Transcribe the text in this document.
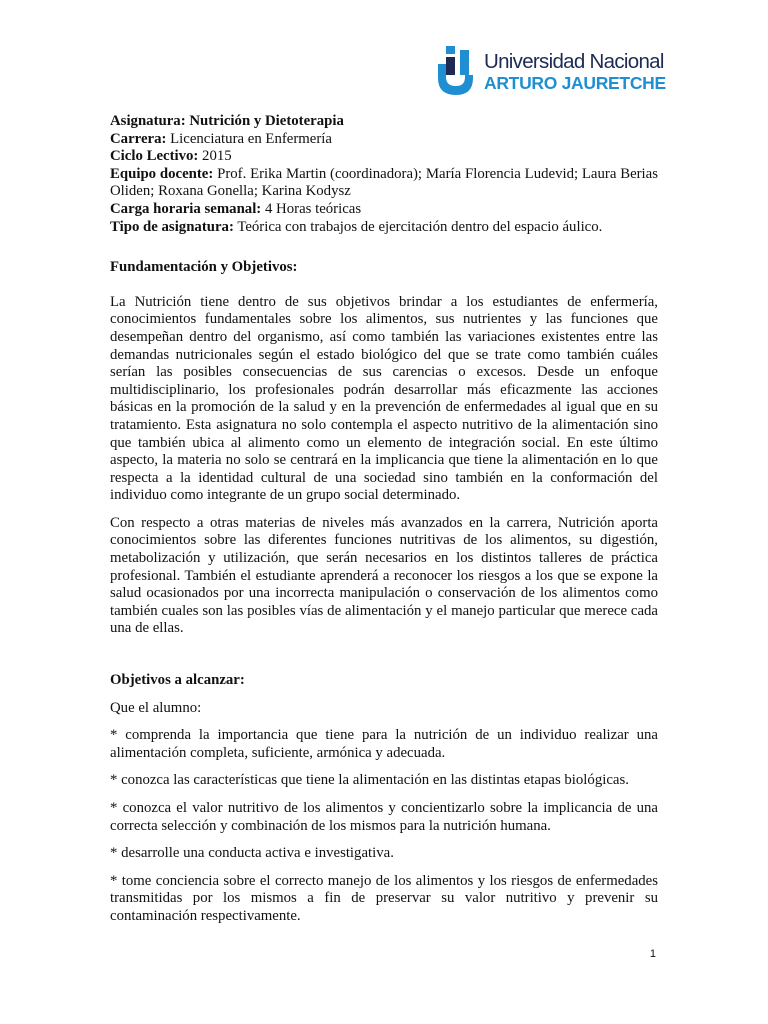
Universidad Nacional
ARTURO JAURETCHE

Asignatura: Nutrición y Dietoterapia

Carrera: Licenciatura en Enfermería

Ciclo Lectivo: 2015

Equipo docente: Prof. Erika Martin (coordinadora); María Florencia Ludevid; Laura Berias Oliden; Roxana Gonella; Karina Kodysz

Carga horaria semanal: 4 Horas teóricas

Tipo de asignatura: Teórica con trabajos de ejercitación dentro del espacio áulico.

Fundamentación y Objetivos:

La Nutrición tiene dentro de sus objetivos brindar a los estudiantes de enfermería, conocimientos fundamentales sobre los alimentos, sus nutrientes y las funciones que desempeñan dentro del organismo, así como también las variaciones existentes entre las demandas nutricionales según el estado biológico del que se trate como también cuáles serían las posibles consecuencias de sus carencias o excesos. Desde un enfoque multidisciplinario, los profesionales podrán desarrollar más eficazmente las acciones básicas en la promoción de la salud y en la prevención de enfermedades al igual que en su tratamiento. Esta asignatura no solo contempla el aspecto nutritivo de la alimentación sino que también ubica al alimento como un elemento de integración social. En este último aspecto, la materia no solo se centrará en la implicancia que tiene la alimentación en lo que respecta a la identidad cultural de una sociedad sino también en la conformación del individuo como integrante de un grupo social determinado.

Con respecto a otras materias de niveles más avanzados en la carrera, Nutrición aporta conocimientos sobre las diferentes funciones nutritivas de los alimentos, su digestión, metabolización y utilización, que serán necesarios en los distintos talleres de práctica profesional. También el estudiante aprenderá a reconocer los riesgos a los que se expone la salud ocasionados por una incorrecta manipulación o conservación de los alimentos como también cuales son las posibles vías de alimentación y el manejo particular que merece cada una de ellas.

Objetivos a alcanzar:

Que el alumno:

* comprenda la importancia que tiene para la nutrición de un individuo realizar una alimentación completa, suficiente, armónica y adecuada.

* conozca las características que tiene la alimentación en las distintas etapas biológicas.

* conozca el valor nutritivo de los alimentos y concientizarlo sobre la implicancia de una correcta selección y combinación de los mismos para la nutrición humana.

* desarrolle una conducta activa e investigativa.

* tome conciencia sobre el correcto manejo de los alimentos y los riesgos de enfermedades transmitidas por los mismos a fin de preservar su valor nutritivo y prevenir su contaminación respectivamente.

1
